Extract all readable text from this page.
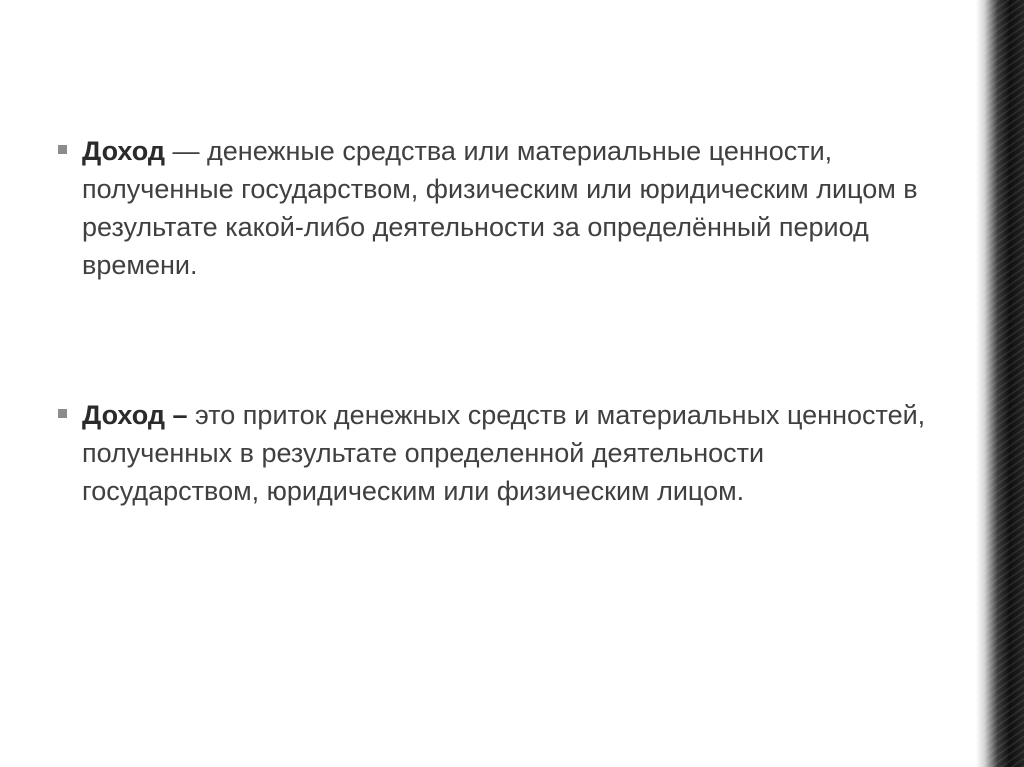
Доход — денежные средства или материальные ценности, полученные государством, физическим или юридическим лицом в результате какой-либо деятельности за определённый период времени.

Доход – это приток денежных средств и материальных ценностей, полученных в результате определенной деятельности государством, юридическим или физическим лицом.
